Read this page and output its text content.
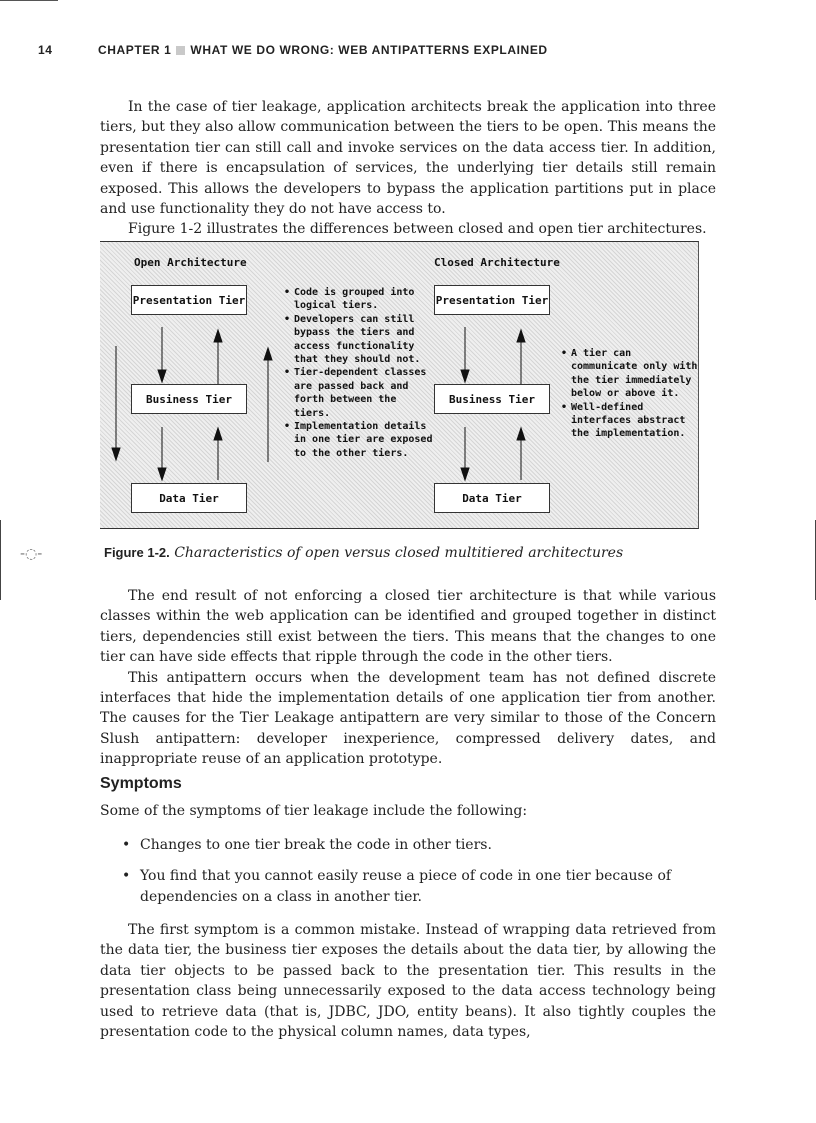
14	CHAPTER 1 WHAT WE DO WRONG: WEB ANTIPATTERNS EXPLAINED

In the case of tier leakage, application architects break the application into three tiers, but they also allow communication between the tiers to be open. This means the presentation tier can still call and invoke services on the data access tier. In addition, even if there is encapsulation of services, the underlying tier details still remain exposed. This allows the developers to bypass the application partitions put in place and use functionality they do not have access to.

Figure 1-2 illustrates the differences between closed and open tier architectures.

Open Architecture
Presentation Tier
Business Tier
Data Tier
• Code is grouped into logical tiers.
• Developers can still bypass the tiers and access functionality that they should not.
• Tier-dependent classes are passed back and forth between the tiers.
• Implementation details in one tier are exposed to the other tiers.
Closed Architecture
Presentation Tier
Business Tier
Data Tier
• A tier can communicate only with the tier immediately below or above it.
• Well-defined interfaces abstract the implementation.
-◌-	Figure 1-2. Characteristics of open versus closed multitiered architectures

The end result of not enforcing a closed tier architecture is that while various classes within the web application can be identified and grouped together in distinct tiers, dependencies still exist between the tiers. This means that the changes to one tier can have side effects that ripple through the code in the other tiers.

This antipattern occurs when the development team has not defined discrete interfaces that hide the implementation details of one application tier from another. The causes for the Tier Leakage antipattern are very similar to those of the Concern Slush antipattern: developer inexperience, compressed delivery dates, and inappropriate reuse of an application prototype.

Symptoms
Some of the symptoms of tier leakage include the following:
• Changes to one tier break the code in other tiers.
• You find that you cannot easily reuse a piece of code in one tier because of dependencies on a class in another tier.

The first symptom is a common mistake. Instead of wrapping data retrieved from the data tier, the business tier exposes the details about the data tier, by allowing the data tier objects to be passed back to the presentation tier. This results in the presentation class being unnecessarily exposed to the data access technology being used to retrieve data (that is, JDBC, JDO, entity beans). It also tightly couples the presentation code to the physical column names, data types,
